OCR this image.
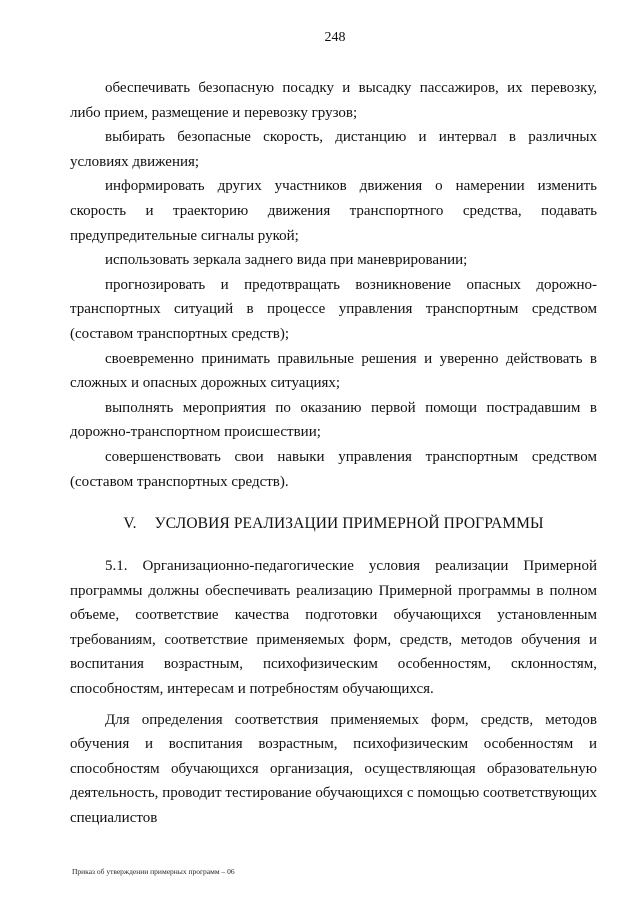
248

обеспечивать безопасную посадку и высадку пассажиров, их перевозку, либо прием, размещение и перевозку грузов;

выбирать безопасные скорость, дистанцию и интервал в различных условиях движения;

информировать других участников движения о намерении изменить скорость и траекторию движения транспортного средства, подавать предупредительные сигналы рукой;

использовать зеркала заднего вида при маневрировании;

прогнозировать и предотвращать возникновение опасных дорожно-транспортных ситуаций в процессе управления транспортным средством (составом транспортных средств);

своевременно принимать правильные решения и уверенно действовать в сложных и опасных дорожных ситуациях;

выполнять мероприятия по оказанию первой помощи пострадавшим в дорожно-транспортном происшествии;

совершенствовать свои навыки управления транспортным средством (составом транспортных средств).

V. УСЛОВИЯ РЕАЛИЗАЦИИ ПРИМЕРНОЙ ПРОГРАММЫ

5.1. Организационно-педагогические условия реализации Примерной программы должны обеспечивать реализацию Примерной программы в полном объеме, соответствие качества подготовки обучающихся установленным требованиям, соответствие применяемых форм, средств, методов обучения и воспитания возрастным, психофизическим особенностям, склонностям, способностям, интересам и потребностям обучающихся.

Для определения соответствия применяемых форм, средств, методов обучения и воспитания возрастным, психофизическим особенностям и способностям обучающихся организация, осуществляющая образовательную деятельность, проводит тестирование обучающихся с помощью соответствующих специалистов

Приказ об утверждении примерных программ – 06
